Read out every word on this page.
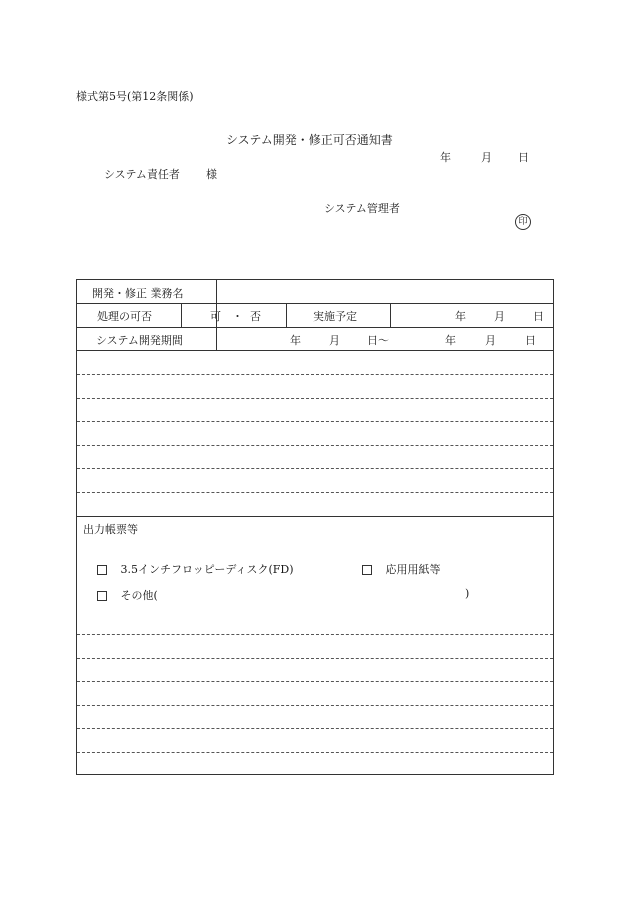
様式第5号(第12条関係)
システム開発・修正可否通知書
年	月 日
システム責任者 様
システム管理者
印
開発・修正 業務名
処理の可否	可 ・ 否	実施予定	年	月	日
システム開発期間	年	月 日～	年	月	日
出力帳票等
3.5インチフロッピーディスク(FD)	応用用紙等
その他(	)
